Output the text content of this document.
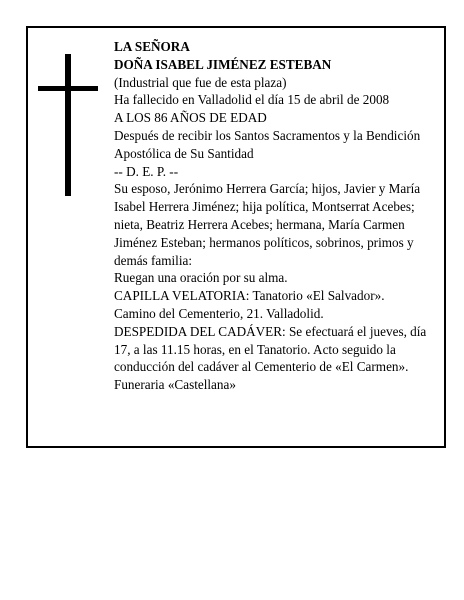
LA SEÑORA

DOÑA ISABEL JIMÉNEZ ESTEBAN

(Industrial que fue de esta plaza)

Ha fallecido en Valladolid el día 15 de abril de 2008

A LOS 86 AÑOS DE EDAD

Después de recibir los Santos Sacramentos y la Bendición Apostólica de Su Santidad

-- D. E. P. --

Su esposo, Jerónimo Herrera García; hijos, Javier y María Isabel Herrera Jiménez; hija política, Montserrat Acebes; nieta, Beatriz Herrera Acebes; hermana, María Carmen Jiménez Esteban; hermanos políticos, sobrinos, primos y demás familia:

Ruegan una oración por su alma.

CAPILLA VELATORIA: Tanatorio «El Salvador».

Camino del Cementerio, 21. Valladolid.

DESPEDIDA DEL CADÁVER: Se efectuará el jueves, día 17, a las 11.15 horas, en el Tanatorio. Acto seguido la conducción del cadáver al Cementerio de «El Carmen».

Funeraria «Castellana»
